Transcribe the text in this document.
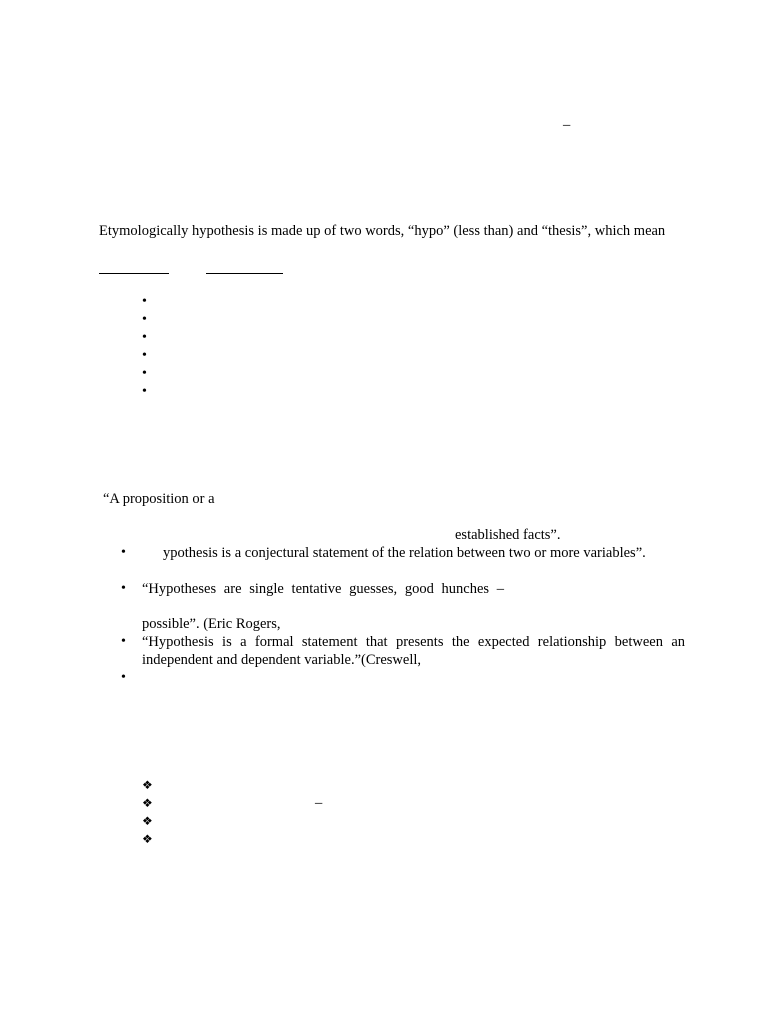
–
Etymologically hypothesis is made up of two words, “hypo” (less than) and “thesis”, which mean
•
•
•
•
•
•
“A proposition or a
established facts”.
•	ypothesis is a conjectural statement of the relation between two or more variables”.
• “Hypotheses are single tentative guesses, good hunches –
possible”. (Eric Rogers,
• “Hypothesis is a formal statement that presents the expected relationship between an
independent and dependent variable.”(Creswell,
•
❖
❖	–
❖
❖
